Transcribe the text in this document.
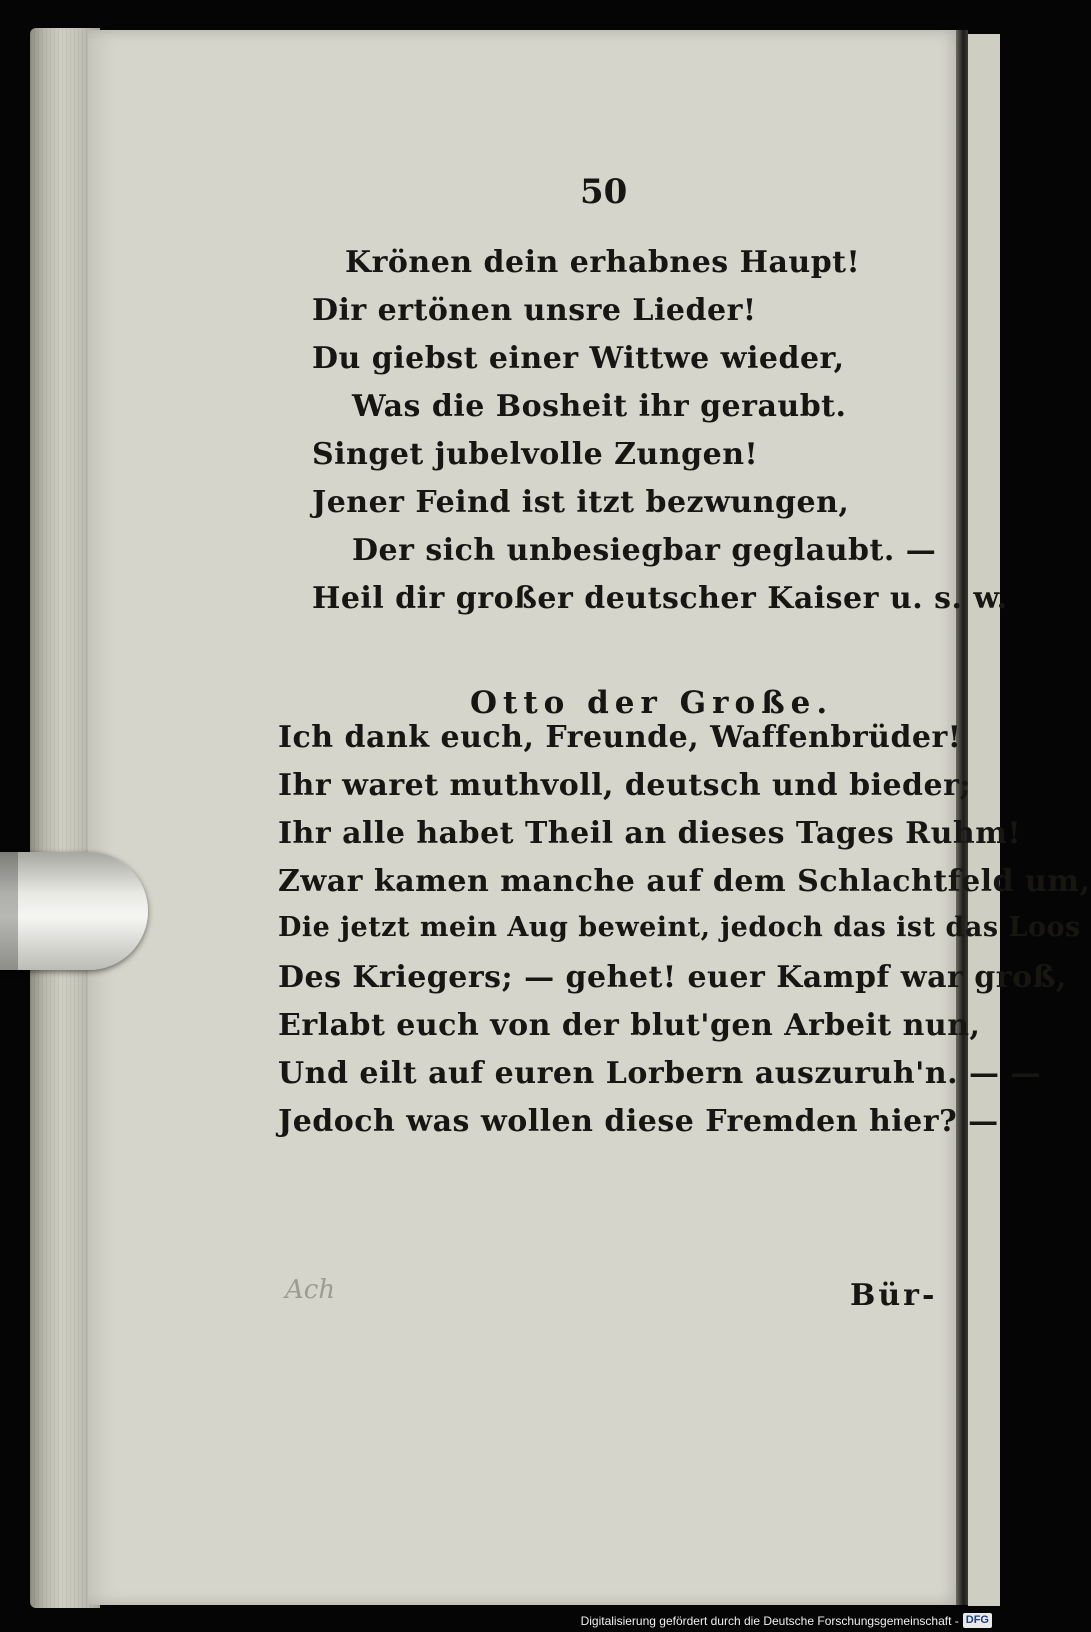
50
Krönen dein erhabnes Haupt!
Dir ertönen unsre Lieder!
Du giebst einer Wittwe wieder,
Was die Bosheit ihr geraubt.
Singet jubelvolle Zungen!
Jener Feind ist itzt bezwungen,
Der sich unbesiegbar geglaubt. —
Heil dir großer deutscher Kaiser u. s. w.
Otto der Große.
Ich dank euch, Freunde, Waffenbrüder!
Ihr waret muthvoll, deutsch und bieder;
Ihr alle habet Theil an dieses Tages Ruhm!
Zwar kamen manche auf dem Schlachtfeld um,
Die jetzt mein Aug beweint, jedoch das ist das Loos
Des Kriegers; — gehet! euer Kampf war groß,
Erlabt euch von der blut'gen Arbeit nun,
Und eilt auf euren Lorbern auszuruh'n. — —
Jedoch was wollen diese Fremden hier? —
Ach	Bür-
Digitalisierung gefördert durch die Deutsche Forschungsgemeinschaft - DFG
